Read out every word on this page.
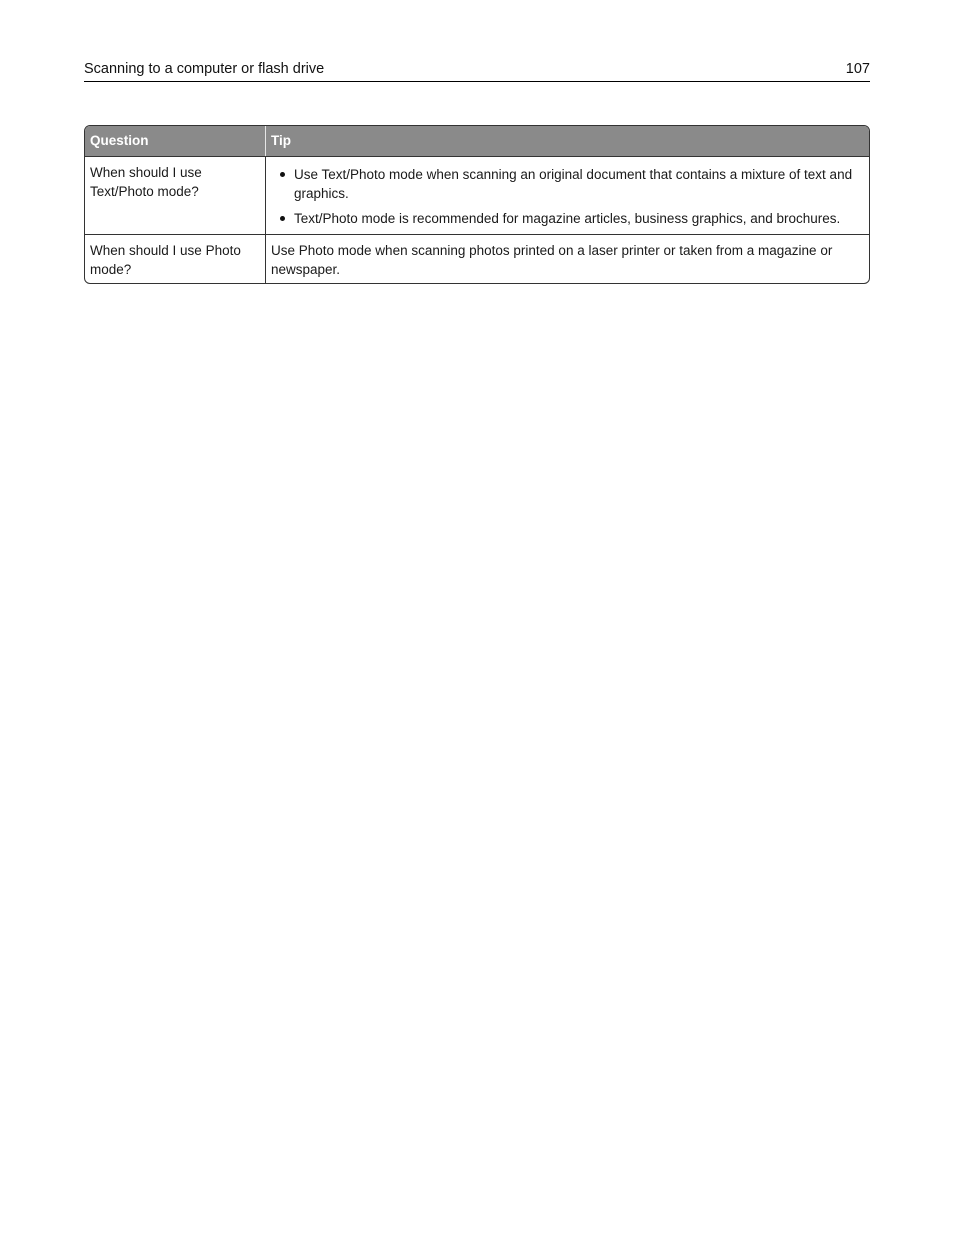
Scanning to a computer or flash drive	107
Question	Tip
When should I use Text/Photo mode?
Use Text/Photo mode when scanning an original document that contains a mixture of text and graphics.
Text/Photo mode is recommended for magazine articles, business graphics, and brochures.
When should I use Photo mode?
Use Photo mode when scanning photos printed on a laser printer or taken from a magazine or newspaper.
